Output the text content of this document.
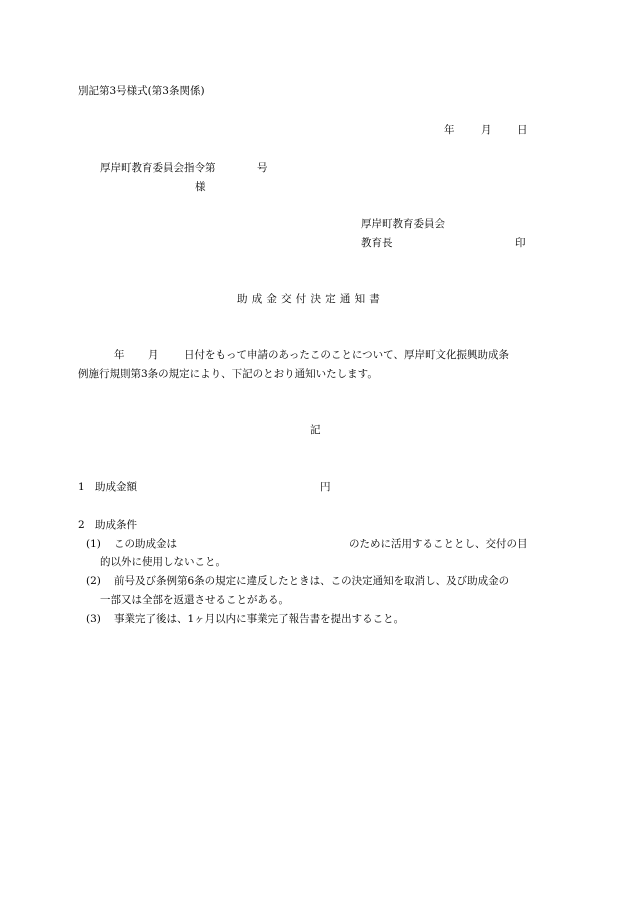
別記第3号様式(第3条関係)
年	月 日
厚岸町教育委員会指令第	号
様
厚岸町教育委員会
教育長	印
助成金交付決定通知書
年 月 日付をもって申請のあったこのことについて、厚岸町文化振興助成条
例施行規則第3条の規定により、下記のとおり通知いたします。
記
1 助成金額	円
2 助成条件
(1) この助成金は	のために活用することとし、交付の目
的以外に使用しないこと。
(2) 前号及び条例第6条の規定に違反したときは、この決定通知を取消し、及び助成金の
一部又は全部を返還させることがある。
(3) 事業完了後は、1ヶ月以内に事業完了報告書を提出すること。
